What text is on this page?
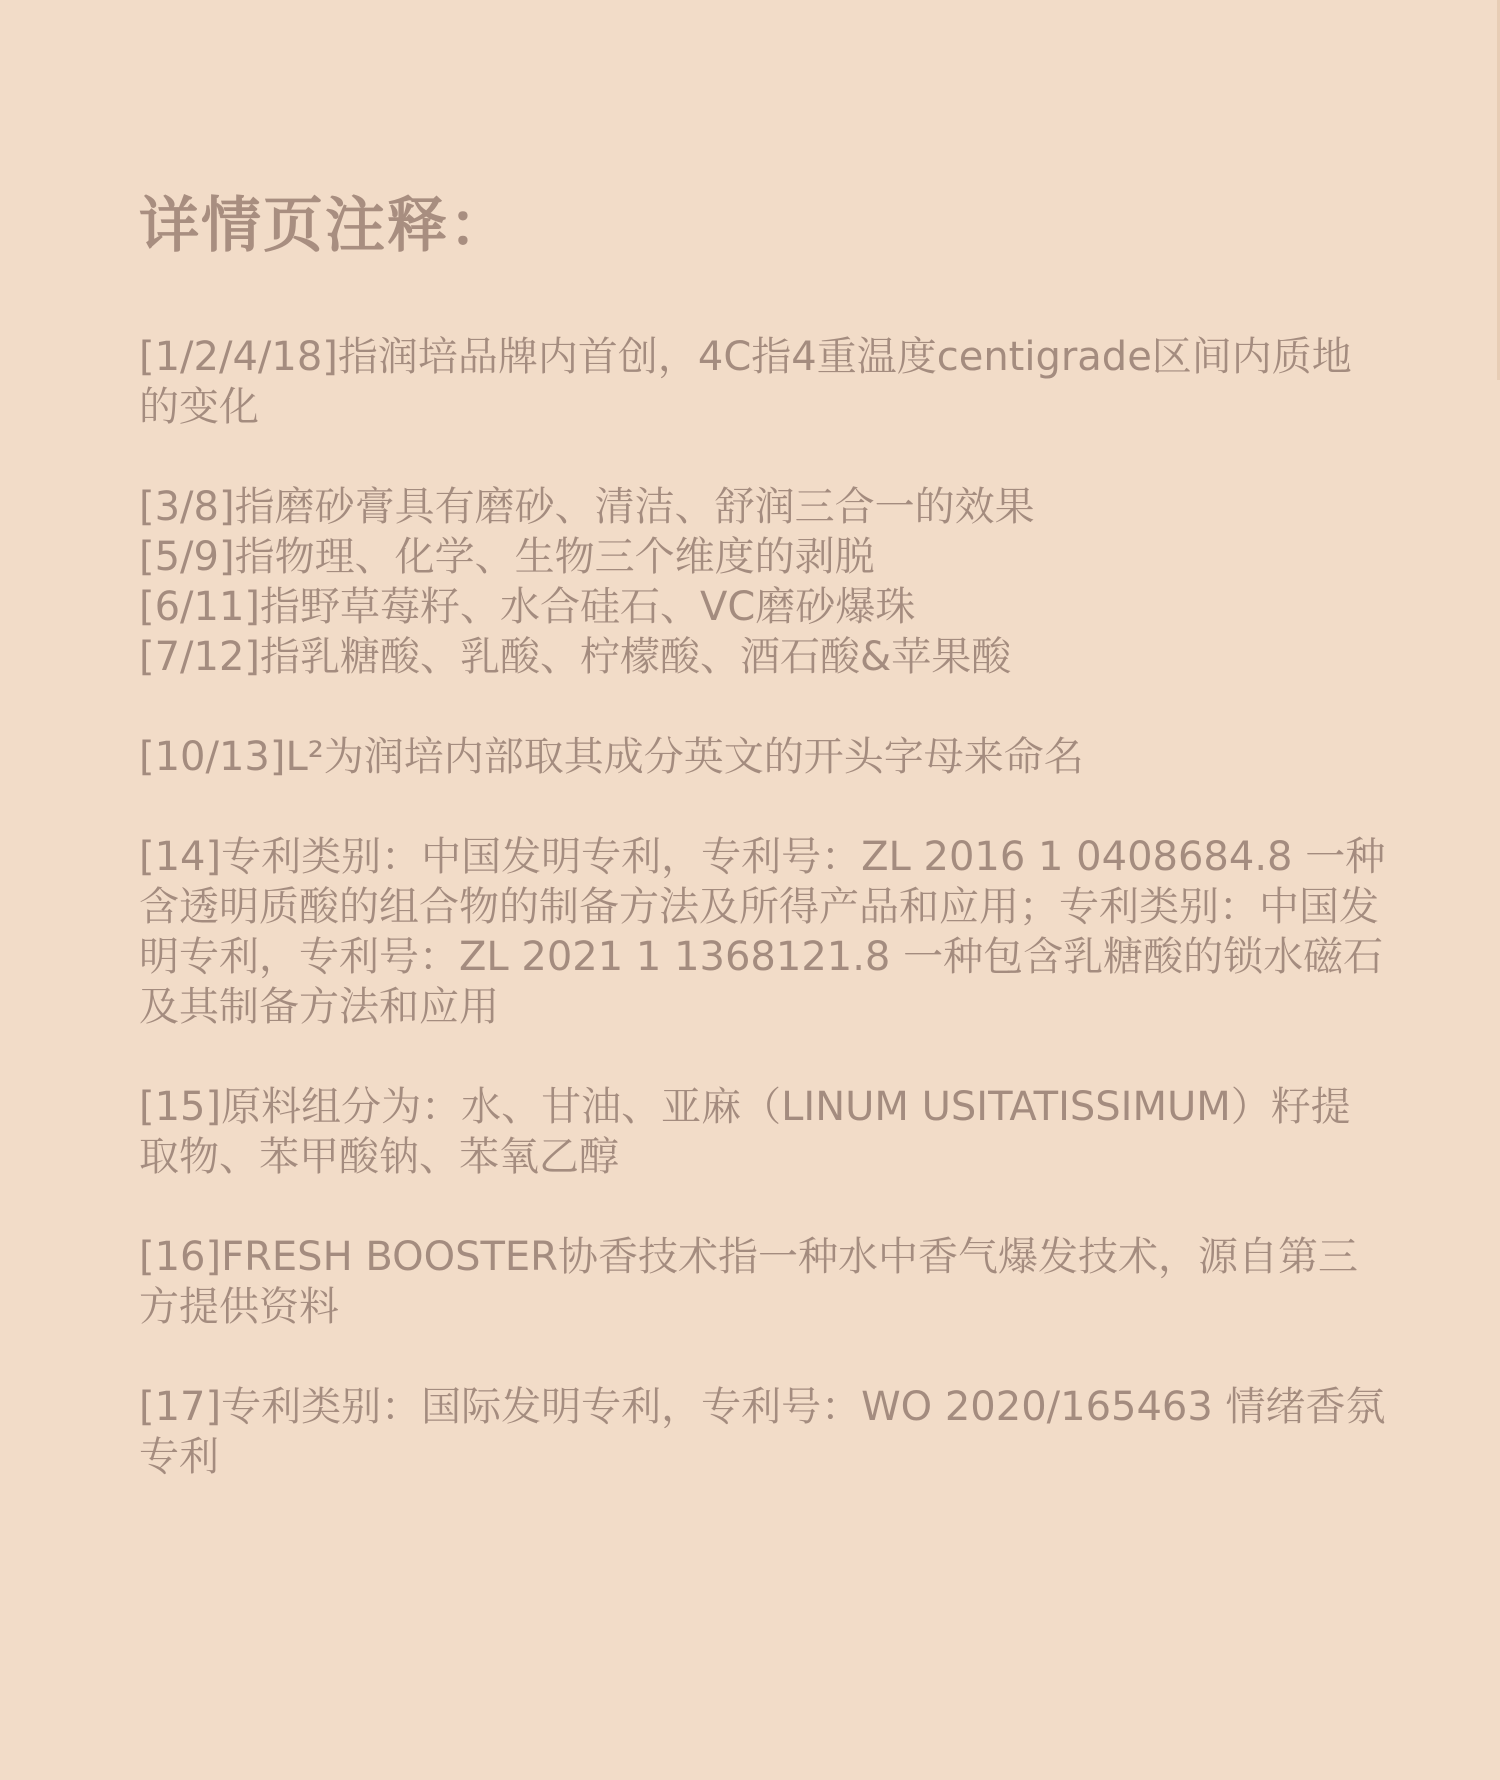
详情页注释：

[1/2/4/18]指润培品牌内首创，4C指4重温度centigrade区间内质地的变化

[3/8]指磨砂膏具有磨砂、清洁、舒润三合一的效果

[5/9]指物理、化学、生物三个维度的剥脱

[6/11]指野草莓籽、水合硅石、VC磨砂爆珠

[7/12]指乳糖酸、乳酸、柠檬酸、酒石酸&苹果酸

[10/13]L²为润培内部取其成分英文的开头字母来命名

[14]专利类别：中国发明专利，专利号：ZL 2016 1 0408684.8 一种含透明质酸的组合物的制备方法及所得产品和应用；专利类别：中国发明专利，专利号：ZL 2021 1 1368121.8 一种包含乳糖酸的锁水磁石及其制备方法和应用

[15]原料组分为：水、甘油、亚麻（LINUM USITATISSIMUM）籽提取物、苯甲酸钠、苯氧乙醇

[16]FRESH BOOSTER协香技术指一种水中香气爆发技术，源自第三方提供资料

[17]专利类别：国际发明专利，专利号：WO 2020/165463 情绪香氛专利
